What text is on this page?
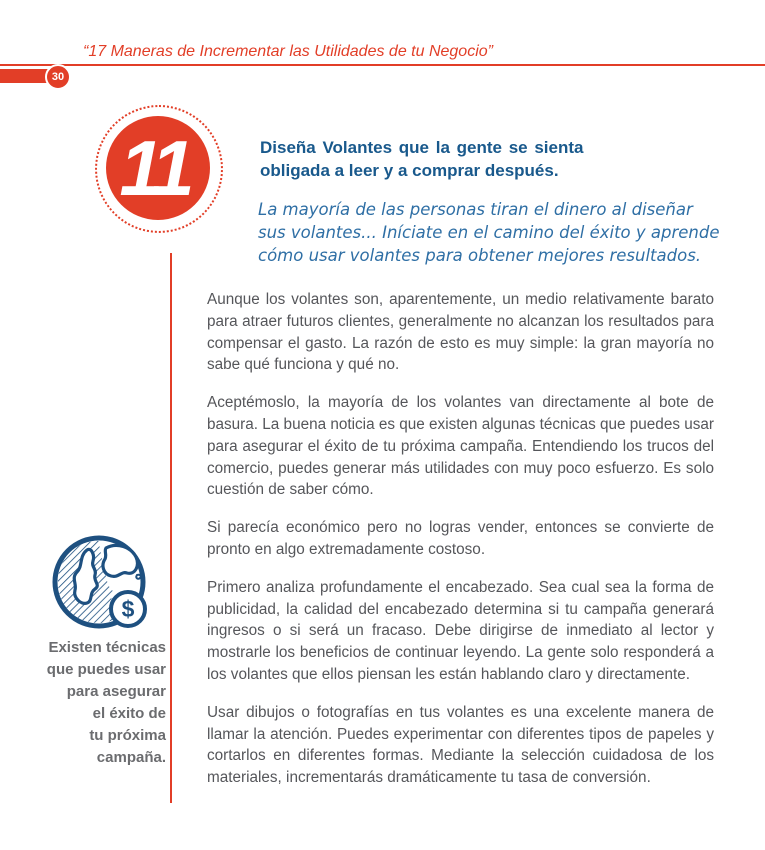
“17 Maneras de Incrementar las Utilidades de tu Negocio”
30
11	Diseña Volantes que la gente se sienta
obligada a leer y a comprar después.
La mayoría de las personas tiran el dinero al diseñar
sus volantes... Iníciate en el camino del éxito y aprende
cómo usar volantes para obtener mejores resultados.

Aunque los volantes son, aparentemente, un medio relativamente barato para atraer futuros clientes, generalmente no alcanzan los resultados para compensar el gasto. La razón de esto es muy simple: la gran mayoría no sabe qué funciona y qué no.

Aceptémoslo, la mayoría de los volantes van directamente al bote de basura. La buena noticia es que existen algunas técnicas que puedes usar para asegurar el éxito de tu próxima campaña. Entendiendo los trucos del comercio, puedes generar más utilidades con muy poco esfuerzo. Es solo cuestión de saber cómo.

Si parecía económico pero no logras vender, entonces se convierte de pronto en algo extremadamente costoso.

Primero analiza profundamente el encabezado. Sea cual sea la forma de publicidad, la calidad del encabezado determina si tu campaña generará ingresos o si será un fracaso. Debe dirigirse de inmediato al lector y mostrarle los beneficios de continuar leyendo. La gente solo responderá a los volantes que ellos piensan les están hablando claro y directamente.

Usar dibujos o fotografías en tus volantes es una excelente manera de llamar la atención. Puedes experimentar con diferentes tipos de papeles y cortarlos en diferentes formas. Mediante la selección cuidadosa de los materiales, incrementarás dramáticamente tu tasa de conversión.

$
Existen técnicas
que puedes usar
para asegurar
el éxito de
tu próxima
campaña.
